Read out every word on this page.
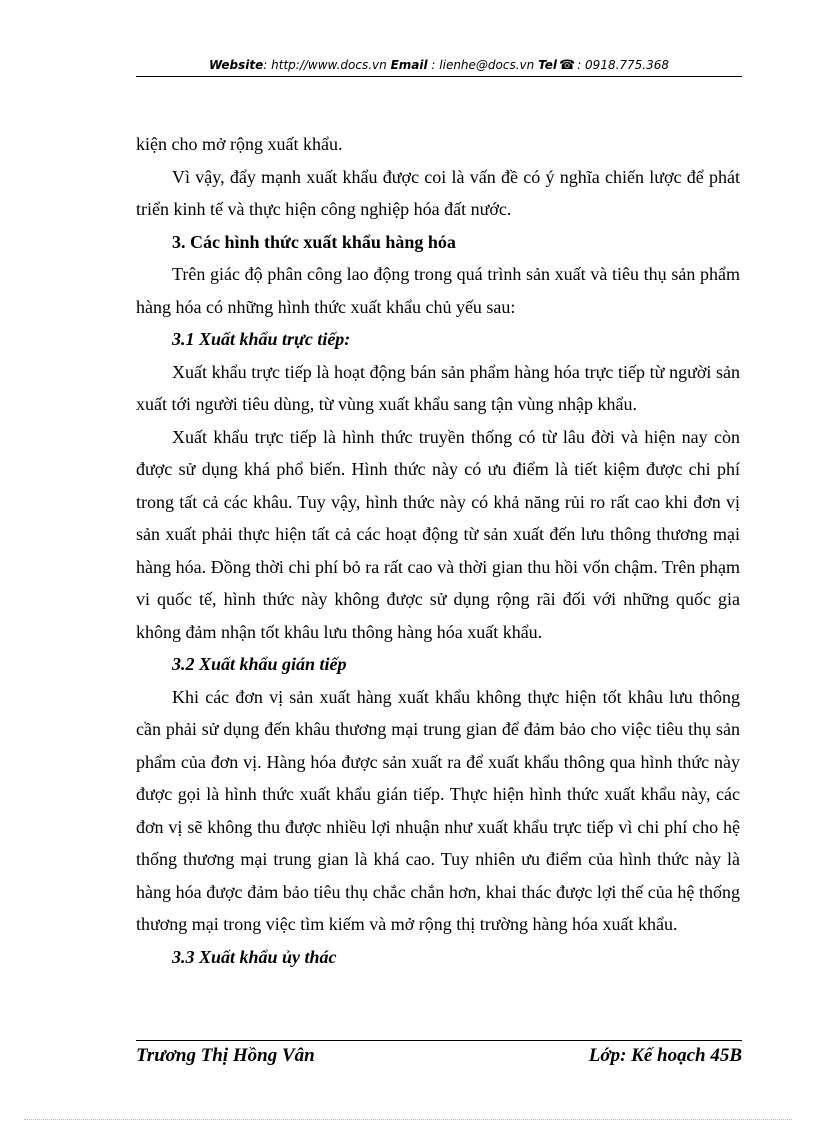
Website: http://www.docs.vn Email : lienhe@docs.vn Tel ☎ : 0918.775.368

kiện cho mở rộng xuất khẩu.

Vì vậy, đẩy mạnh xuất khẩu được coi là vấn đề có ý nghĩa chiến lược để phát triển kinh tế và thực hiện công nghiệp hóa đất nước.

3. Các hình thức xuất khẩu hàng hóa

Trên giác độ phân công lao động trong quá trình sản xuất và tiêu thụ sản phẩm hàng hóa có những hình thức xuất khẩu chủ yếu sau:

3.1 Xuất khẩu trực tiếp:

Xuất khẩu trực tiếp là hoạt động bán sản phẩm hàng hóa trực tiếp từ người sản xuất tới người tiêu dùng, từ vùng xuất khẩu sang tận vùng nhập khẩu.

Xuất khẩu trực tiếp là hình thức truyền thống có từ lâu đời và hiện nay còn được sử dụng khá phổ biến. Hình thức này có ưu điểm là tiết kiệm được chi phí trong tất cả các khâu. Tuy vậy, hình thức này có khả năng rủi ro rất cao khi đơn vị sản xuất phải thực hiện tất cả các hoạt động từ sản xuất đến lưu thông thương mại hàng hóa. Đồng thời chi phí bỏ ra rất cao và thời gian thu hồi vốn chậm. Trên phạm vi quốc tế, hình thức này không được sử dụng rộng rãi đối với những quốc gia không đảm nhận tốt khâu lưu thông hàng hóa xuất khẩu.

3.2 Xuất khẩu gián tiếp

Khi các đơn vị sản xuất hàng xuất khẩu không thực hiện tốt khâu lưu thông cần phải sử dụng đến khâu thương mại trung gian để đảm bảo cho việc tiêu thụ sản phẩm của đơn vị. Hàng hóa được sản xuất ra để xuất khẩu thông qua hình thức này được gọi là hình thức xuất khẩu gián tiếp. Thực hiện hình thức xuất khẩu này, các đơn vị sẽ không thu được nhiều lợi nhuận như xuất khẩu trực tiếp vì chi phí cho hệ thống thương mại trung gian là khá cao. Tuy nhiên ưu điểm của hình thức này là hàng hóa được đảm bảo tiêu thụ chắc chắn hơn, khai thác được lợi thế của hệ thống thương mại trong việc tìm kiếm và mở rộng thị trường hàng hóa xuất khẩu.

3.3 Xuất khẩu ủy thác
Trương Thị Hồng Vân	Lớp: Kế hoạch 45B
